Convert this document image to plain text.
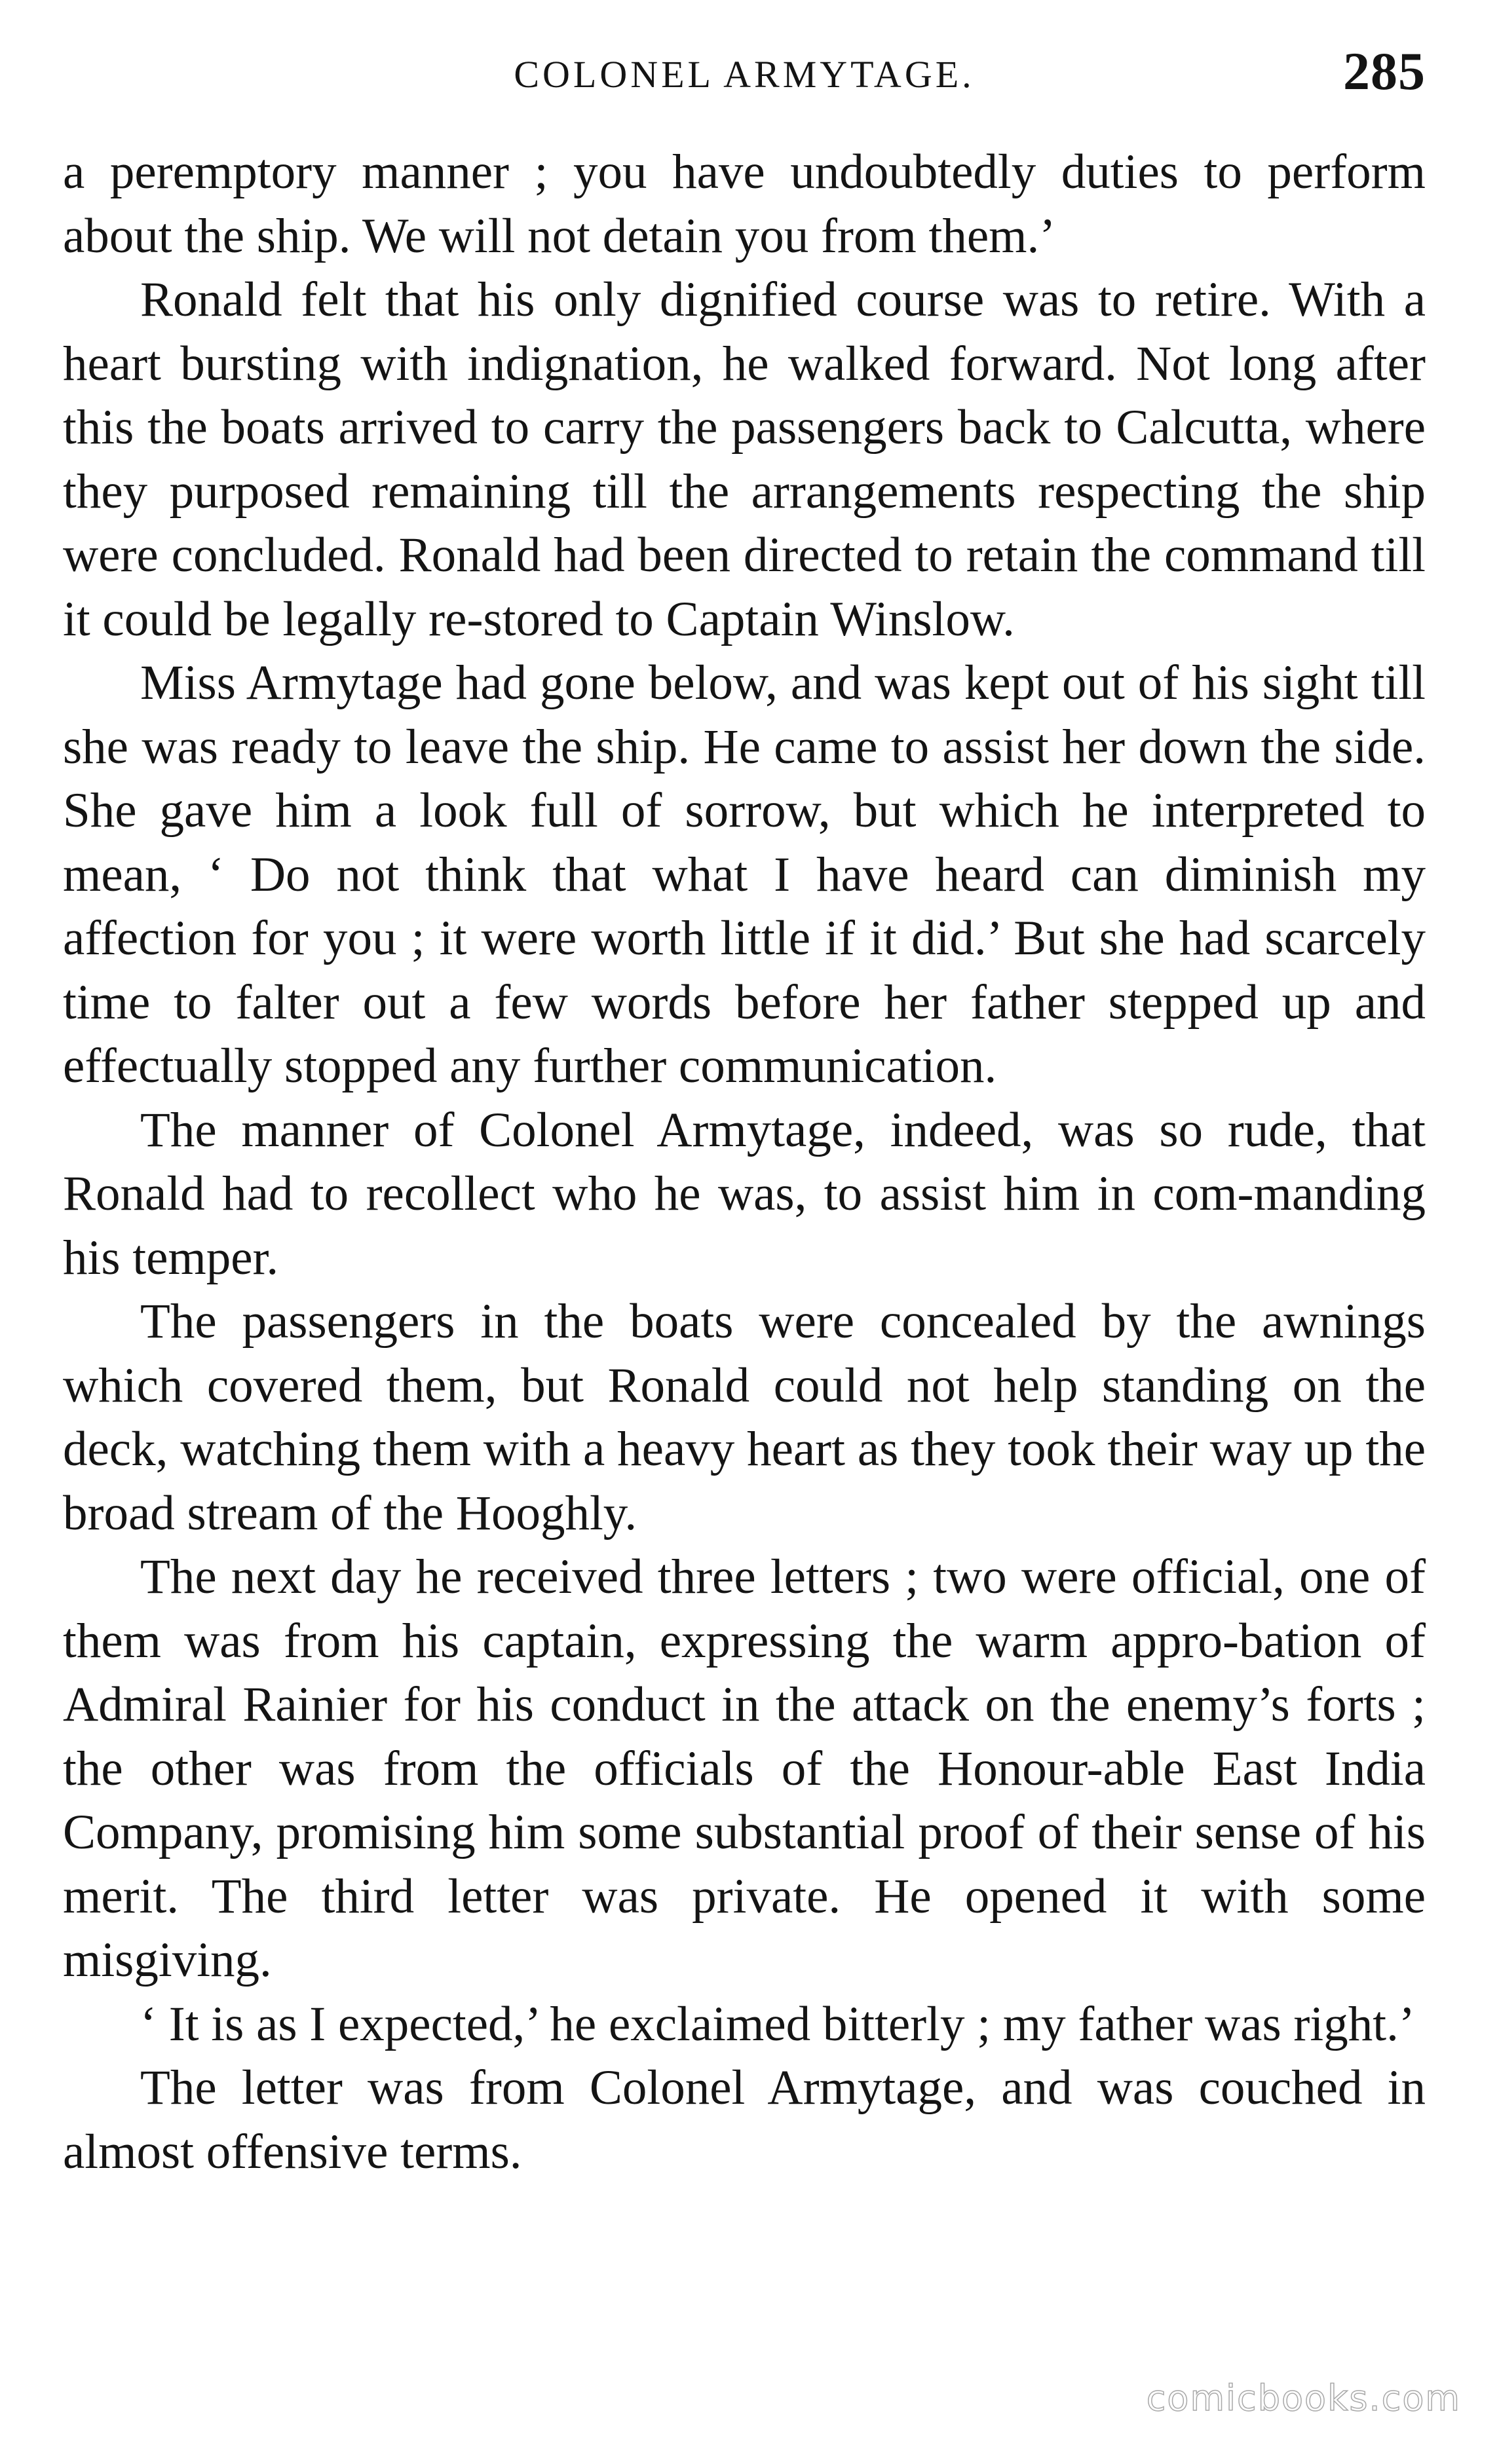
COLONEL ARMYTAGE.	285

a peremptory manner ; you have undoubtedly duties to perform about the ship. We will not detain you from them.’

Ronald felt that his only dignified course was to retire. With a heart bursting with indignation, he walked forward. Not long after this the boats arrived to carry the passengers back to Calcutta, where they purposed remaining till the arrangements respecting the ship were concluded. Ronald had been directed to retain the command till it could be legally re-stored to Captain Winslow.

Miss Armytage had gone below, and was kept out of his sight till she was ready to leave the ship. He came to assist her down the side. She gave him a look full of sorrow, but which he interpreted to mean, ‘ Do not think that what I have heard can diminish my affection for you ; it were worth little if it did.’ But she had scarcely time to falter out a few words before her father stepped up and effectually stopped any further communication.

The manner of Colonel Armytage, indeed, was so rude, that Ronald had to recollect who he was, to assist him in com-manding his temper.

The passengers in the boats were concealed by the awnings which covered them, but Ronald could not help standing on the deck, watching them with a heavy heart as they took their way up the broad stream of the Hooghly.

The next day he received three letters ; two were official, one of them was from his captain, expressing the warm appro-bation of Admiral Rainier for his conduct in the attack on the enemy’s forts ; the other was from the officials of the Honour-able East India Company, promising him some substantial proof of their sense of his merit. The third letter was private. He opened it with some misgiving.

‘ It is as I expected,’ he exclaimed bitterly ; my father was right.’

The letter was from Colonel Armytage, and was couched in almost offensive terms.

comicbooks.com
